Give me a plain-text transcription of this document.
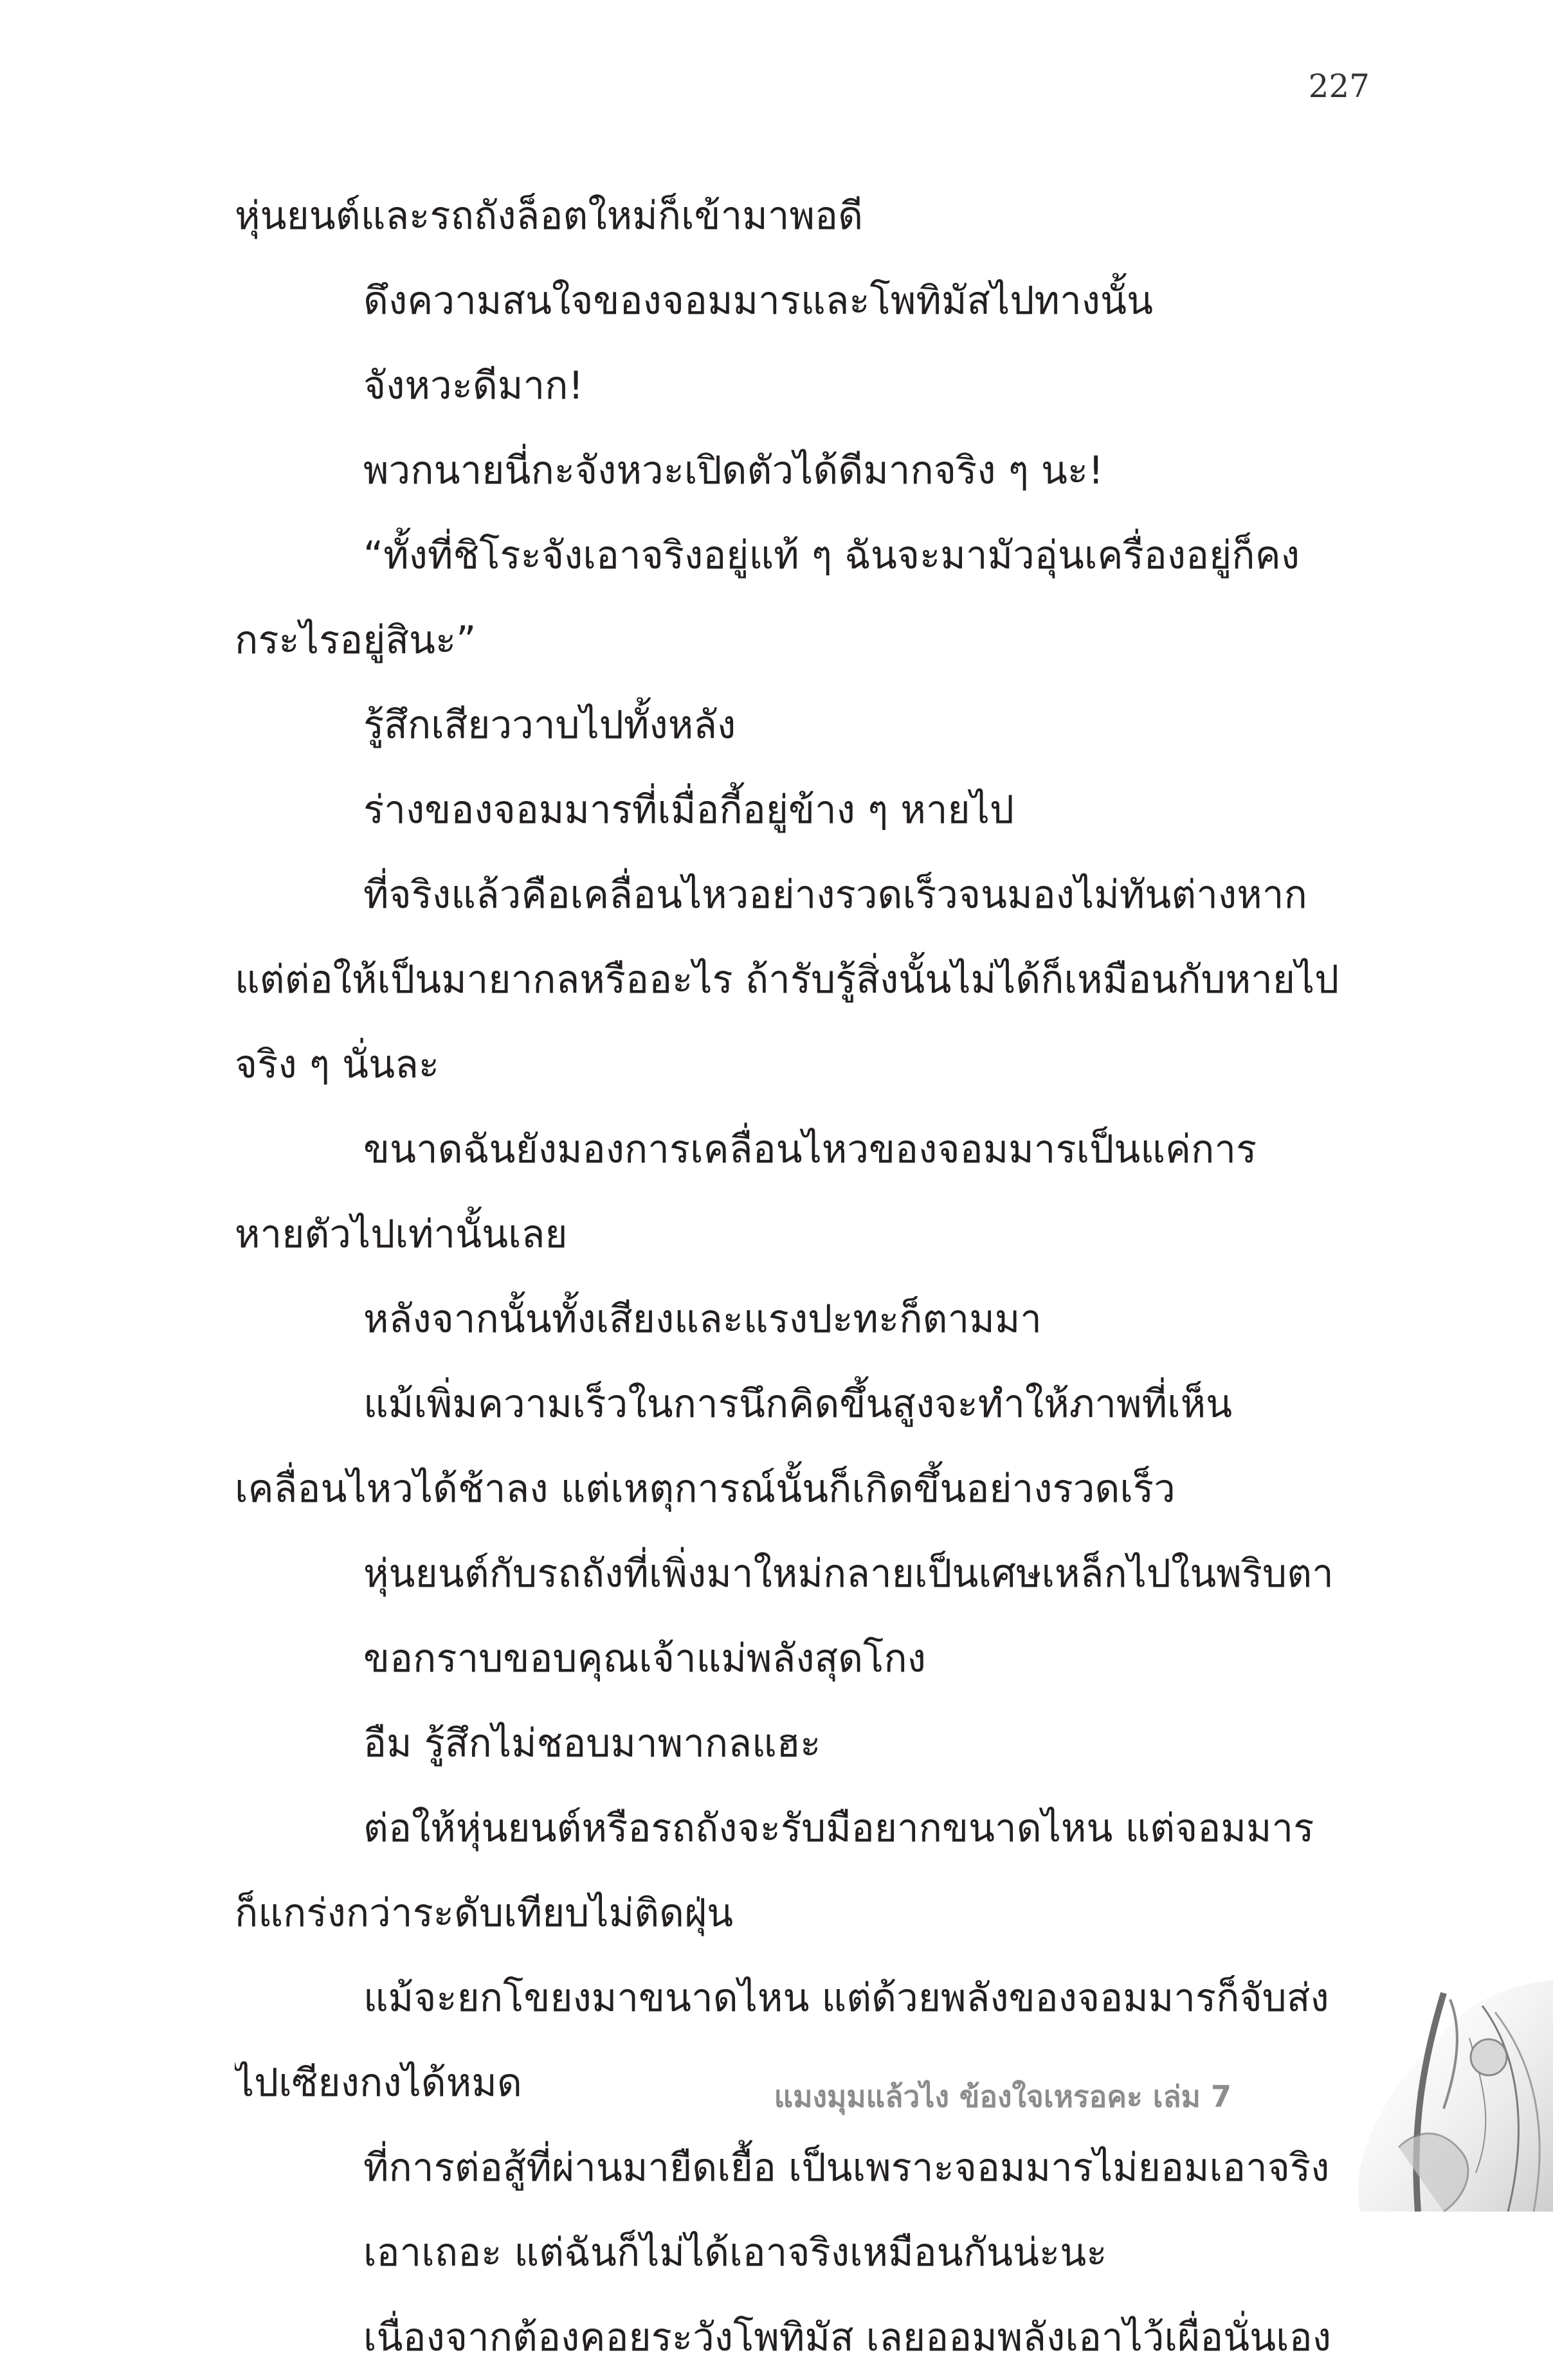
227
หุ่นยนต์และรถถังล็อตใหม่ก็เข้ามาพอดี
ดึงความสนใจของจอมมารและโพทิมัสไปทางนั้น
จังหวะดีมาก!
พวกนายนี่กะจังหวะเปิดตัวได้ดีมากจริง ๆ นะ!
“ทั้งที่ชิโระจังเอาจริงอยู่แท้ ๆ ฉันจะมามัวอุ่นเครื่องอยู่ก็คง
กระไรอยู่สินะ”
รู้สึกเสียววาบไปทั้งหลัง
ร่างของจอมมารที่เมื่อกี้อยู่ข้าง ๆ หายไป
ที่จริงแล้วคือเคลื่อนไหวอย่างรวดเร็วจนมองไม่ทันต่างหาก
แต่ต่อให้เป็นมายากลหรืออะไร ถ้ารับรู้สิ่งนั้นไม่ได้ก็เหมือนกับหายไป
จริง ๆ นั่นละ
ขนาดฉันยังมองการเคลื่อนไหวของจอมมารเป็นแค่การ
หายตัวไปเท่านั้นเลย
หลังจากนั้นทั้งเสียงและแรงปะทะก็ตามมา
แม้เพิ่มความเร็วในการนึกคิดขึ้นสูงจะทำให้ภาพที่เห็น
เคลื่อนไหวได้ช้าลง แต่เหตุการณ์นั้นก็เกิดขึ้นอย่างรวดเร็ว
หุ่นยนต์กับรถถังที่เพิ่งมาใหม่กลายเป็นเศษเหล็กไปในพริบตา
ขอกราบขอบคุณเจ้าแม่พลังสุดโกง
อืม รู้สึกไม่ชอบมาพากลแฮะ
ต่อให้หุ่นยนต์หรือรถถังจะรับมือยากขนาดไหน แต่จอมมาร
ก็แกร่งกว่าระดับเทียบไม่ติดฝุ่น
แม้จะยกโขยงมาขนาดไหน แต่ด้วยพลังของจอมมารก็จับส่ง
ไปเซียงกงได้หมด
ที่การต่อสู้ที่ผ่านมายืดเยื้อ เป็นเพราะจอมมารไม่ยอมเอาจริง
เอาเถอะ แต่ฉันก็ไม่ได้เอาจริงเหมือนกันน่ะนะ
เนื่องจากต้องคอยระวังโพทิมัส เลยออมพลังเอาไว้เผื่อนั่นเอง
แมงมุมแล้วไง ข้องใจเหรอคะ เล่ม 7
